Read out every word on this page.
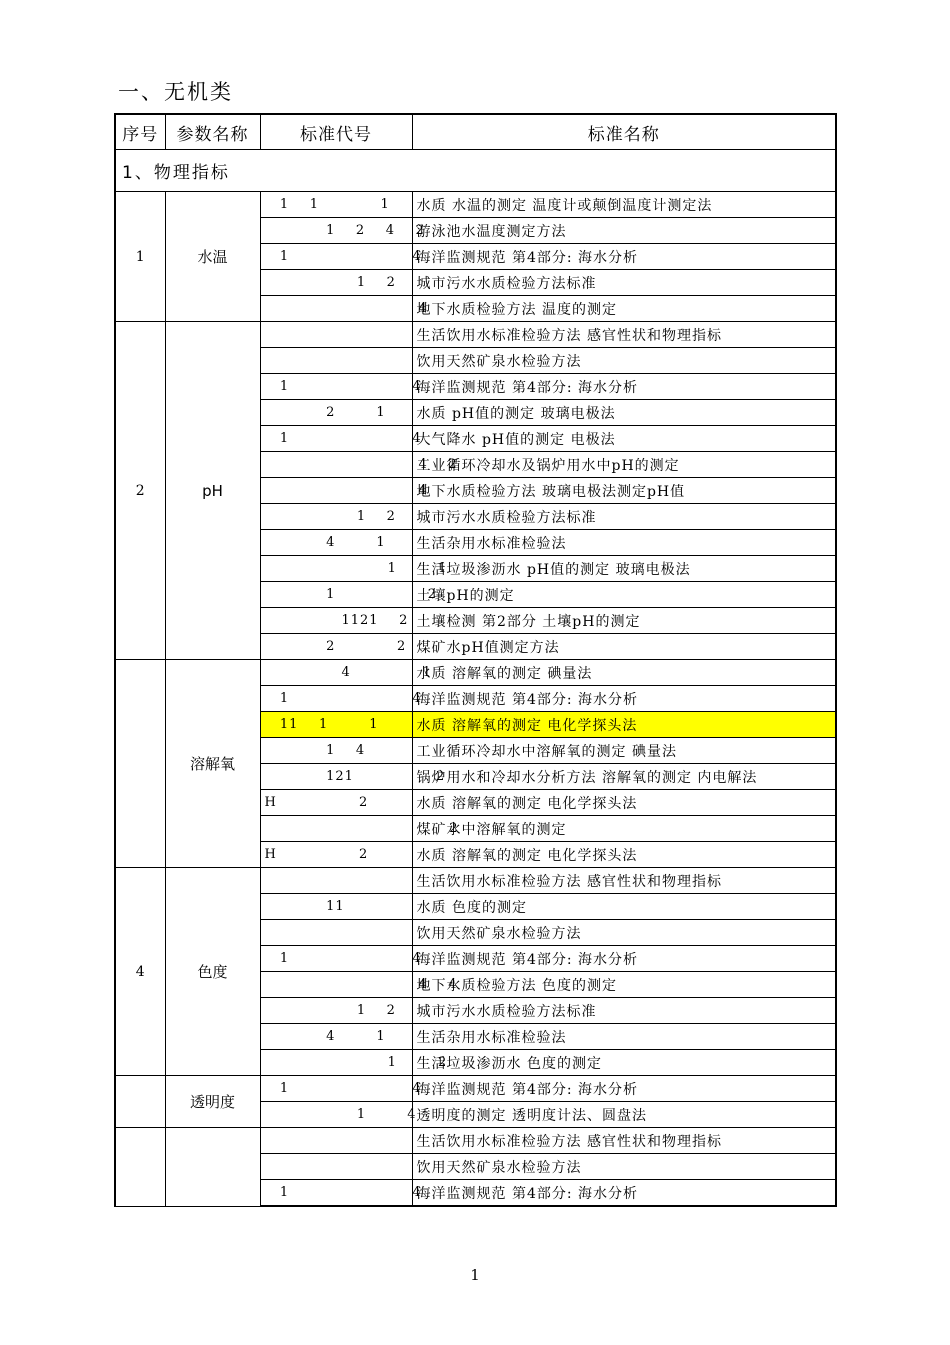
一、无机类
序号	参数名称	标准代号	标准名称
1、物理指标			
1	水温	1    1            1	水质 水温的测定 温度计或颠倒温度计测定法
		1    2    4    2	游泳池水温度测定方法
		1                        4	海洋监测规范 第4部分: 海水分析
		1    2	城市污水水质检验方法标准
		4	地下水质检验方法 温度的测定
2	pH		生活饮用水标准检验方法 感官性状和物理指标
			饮用天然矿泉水检验方法
		1                        4	海洋监测规范 第4部分: 海水分析
		2        1	水质 pH值的测定 玻璃电极法
		1                        4	大气降水 pH值的测定 电极法
		4    2	工业循环冷却水及锅炉用水中pH的测定
		4	地下水质检验方法 玻璃电极法测定pH值
		1    2	城市污水水质检验方法标准
		4        1	生活杂用水标准检验法
		1        1	生活垃圾渗沥水 pH值的测定 玻璃电极法
		1                  2	土壤pH的测定
		1121    2	土壤检测 第2部分 土壤pH的测定
		2            2	煤矿水pH值测定方法
	溶解氧	4              1	水质 溶解氧的测定 碘量法
		1                        4	海洋监测规范 第4部分: 海水分析
		11    1        1	水质 溶解氧的测定 电化学探头法
		1    4	工业循环冷却水中溶解氧的测定 碘量法
		121                2	锅炉用水和冷却水分析方法 溶解氧的测定 内电解法
		H                2	水质 溶解氧的测定 电化学探头法
		2	煤矿水中溶解氧的测定
		H                2	水质 溶解氧的测定 电化学探头法
4	色度		生活饮用水标准检验方法 感官性状和物理指标
		11	水质 色度的测定
			饮用天然矿泉水检验方法
		1                        4	海洋监测规范 第4部分: 海水分析
		4    4	地下水质检验方法 色度的测定
		1    2	城市污水水质检验方法标准
		4        1	生活杂用水标准检验法
		1        2	生活垃圾渗沥水 色度的测定
	透明度	1                        4	海洋监测规范 第4部分: 海水分析
		1        4	透明度的测定 透明度计法、圆盘法
			生活饮用水标准检验方法 感官性状和物理指标
			饮用天然矿泉水检验方法
		1                        4	海洋监测规范 第4部分: 海水分析
1
